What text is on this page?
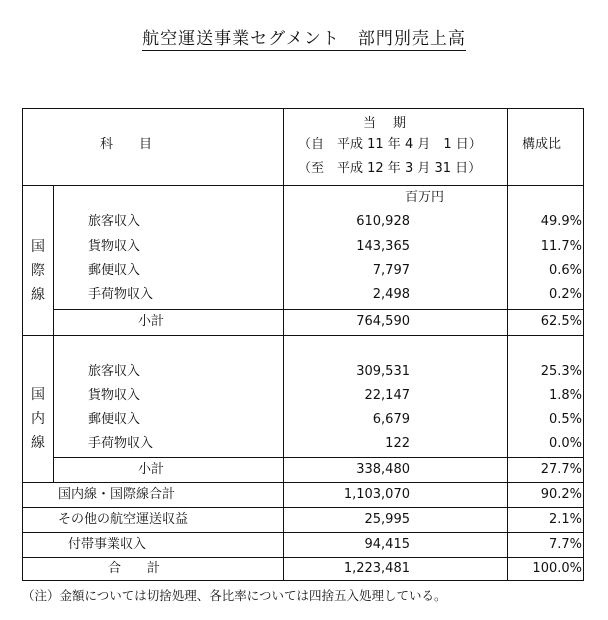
航空運送事業セグメント　部門別売上高
科　　目
当　期
（自　平成 11 年 4 月　1 日）
（至　平成 12 年 3 月 31 日）
構成比
百万円
国
際
線
旅客収入	610,928	49.9%
貨物収入	143,365	11.7%
郵便収入	7,797	0.6%
手荷物収入	2,498	0.2%
小計	764,590	62.5%
国
内
線
旅客収入	309,531	25.3%
貨物収入	22,147	1.8%
郵便収入	6,679	0.5%
手荷物収入	122	0.0%
小計	338,480	27.7%
国内線・国際線合計	1,103,070	90.2%
その他の航空運送収益	25,995	2.1%
付帯事業収入	94,415	7.7%
合　　計	1,223,481	100.0%
（注）金額については切捨処理、各比率については四捨五入処理している。
